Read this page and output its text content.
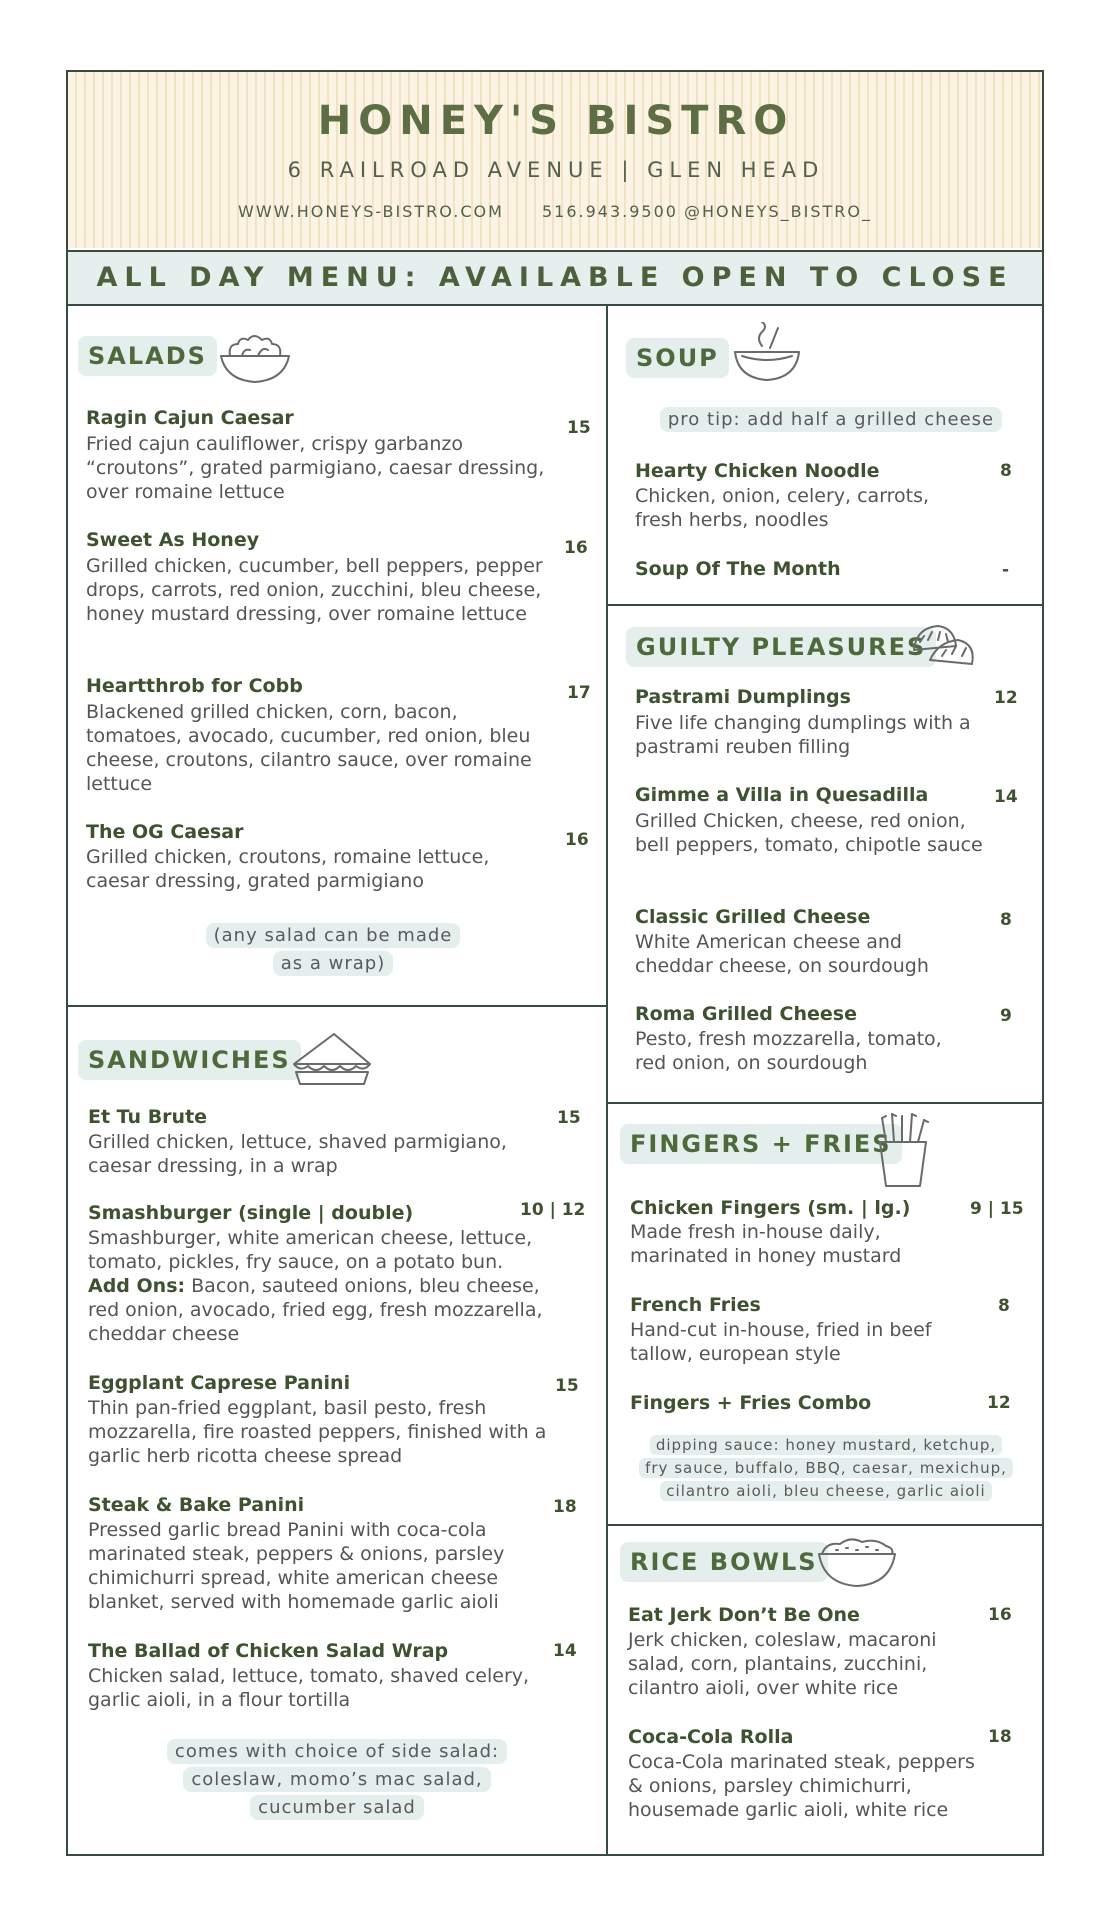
HONEY'S BISTRO
6 RAILROAD AVENUE | GLEN HEAD
WWW.HONEYS-BISTRO.COM 516.943.9500 @HONEYS_BISTRO_
ALL DAY MENU: AVAILABLE OPEN TO CLOSE
SALADS
Ragin Cajun Caesar	15
Fried cajun cauliflower, crispy garbanzo “croutons”, grated parmigiano, caesar dressing, over romaine lettuce
Sweet As Honey	16
Grilled chicken, cucumber, bell peppers, pepper drops, carrots, red onion, zucchini, bleu cheese, honey mustard dressing, over romaine lettuce
Heartthrob for Cobb	17
Blackened grilled chicken, corn, bacon, tomatoes, avocado, cucumber, red onion, bleu cheese, croutons, cilantro sauce, over romaine lettuce
The OG Caesar	16
Grilled chicken, croutons, romaine lettuce, caesar dressing, grated parmigiano
(any salad can be made
as a wrap)
SANDWICHES
Et Tu Brute	15
Grilled chicken, lettuce, shaved parmigiano, caesar dressing, in a wrap
Smashburger (single | double)	10 | 12
Smashburger, white american cheese, lettuce, tomato, pickles, fry sauce, on a potato bun.
Add Ons: Bacon, sauteed onions, bleu cheese, red onion, avocado, fried egg, fresh mozzarella, cheddar cheese
Eggplant Caprese Panini	15
Thin pan-fried eggplant, basil pesto, fresh mozzarella, fire roasted peppers, finished with a garlic herb ricotta cheese spread
Steak & Bake Panini	18
Pressed garlic bread Panini with coca-cola marinated steak, peppers & onions, parsley chimichurri spread, white american cheese blanket, served with homemade garlic aioli
The Ballad of Chicken Salad Wrap	14
Chicken salad, lettuce, tomato, shaved celery, garlic aioli, in a flour tortilla
comes with choice of side salad:
coleslaw, momo’s mac salad,
cucumber salad
SOUP
pro tip: add half a grilled cheese
Hearty Chicken Noodle	8
Chicken, onion, celery, carrots, fresh herbs, noodles
Soup Of The Month	-
GUILTY PLEASURES
Pastrami Dumplings	12
Five life changing dumplings with a pastrami reuben filling
Gimme a Villa in Quesadilla	14
Grilled Chicken, cheese, red onion, bell peppers, tomato, chipotle sauce
Classic Grilled Cheese	8
White American cheese and cheddar cheese, on sourdough
Roma Grilled Cheese	9
Pesto, fresh mozzarella, tomato, red onion, on sourdough
FINGERS + FRIES
Chicken Fingers (sm. | lg.)	9 | 15
Made fresh in-house daily, marinated in honey mustard
French Fries	8
Hand-cut in-house, fried in beef tallow, european style
Fingers + Fries Combo	12
dipping sauce: honey mustard, ketchup,
fry sauce, buffalo, BBQ, caesar, mexichup,
cilantro aioli, bleu cheese, garlic aioli
RICE BOWLS
Eat Jerk Don’t Be One	16
Jerk chicken, coleslaw, macaroni salad, corn, plantains, zucchini, cilantro aioli, over white rice
Coca-Cola Rolla	18
Coca-Cola marinated steak, peppers & onions, parsley chimichurri, housemade garlic aioli, white rice
